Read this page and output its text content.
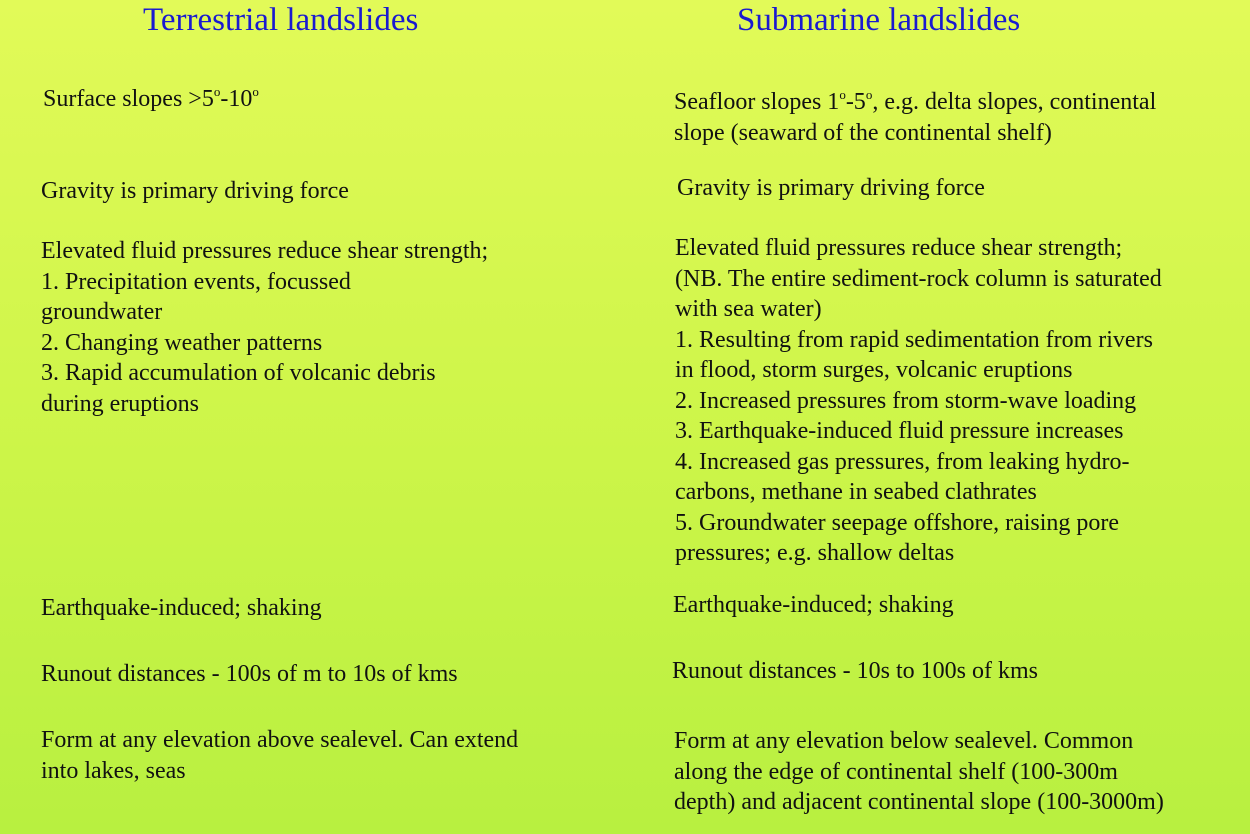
Terrestrial landslides	Submarine landslides
Surface slopes $>5^o-10^o$
Gravity is primary driving force
Elevated fluid pressures reduce shear strength;
1. Precipitation events, focussed
groundwater
2. Changing weather patterns
3. Rapid accumulation of volcanic debris
during eruptions
Earthquake-induced; shaking
Runout distances - 100s of m to 10s of kms
Form at any elevation above sealevel. Can extend
into lakes, seas
Seafloor slopes 1$^o$-5$^o$, e.g. delta slopes, continental
slope (seaward of the continental shelf)
Gravity is primary driving force
Elevated fluid pressures reduce shear strength;
(NB. The entire sediment-rock column is saturated
with sea water)
1. Resulting from rapid sedimentation from rivers
in flood, storm surges, volcanic eruptions
2. Increased pressures from storm-wave loading
3. Earthquake-induced fluid pressure increases
4. Increased gas pressures, from leaking hydro-
carbons, methane in seabed clathrates
5. Groundwater seepage offshore, raising pore
pressures; e.g. shallow deltas
Earthquake-induced; shaking
Runout distances - 10s to 100s of kms
Form at any elevation below sealevel. Common
along the edge of continental shelf (100-300m
depth) and adjacent continental slope (100-3000m)
